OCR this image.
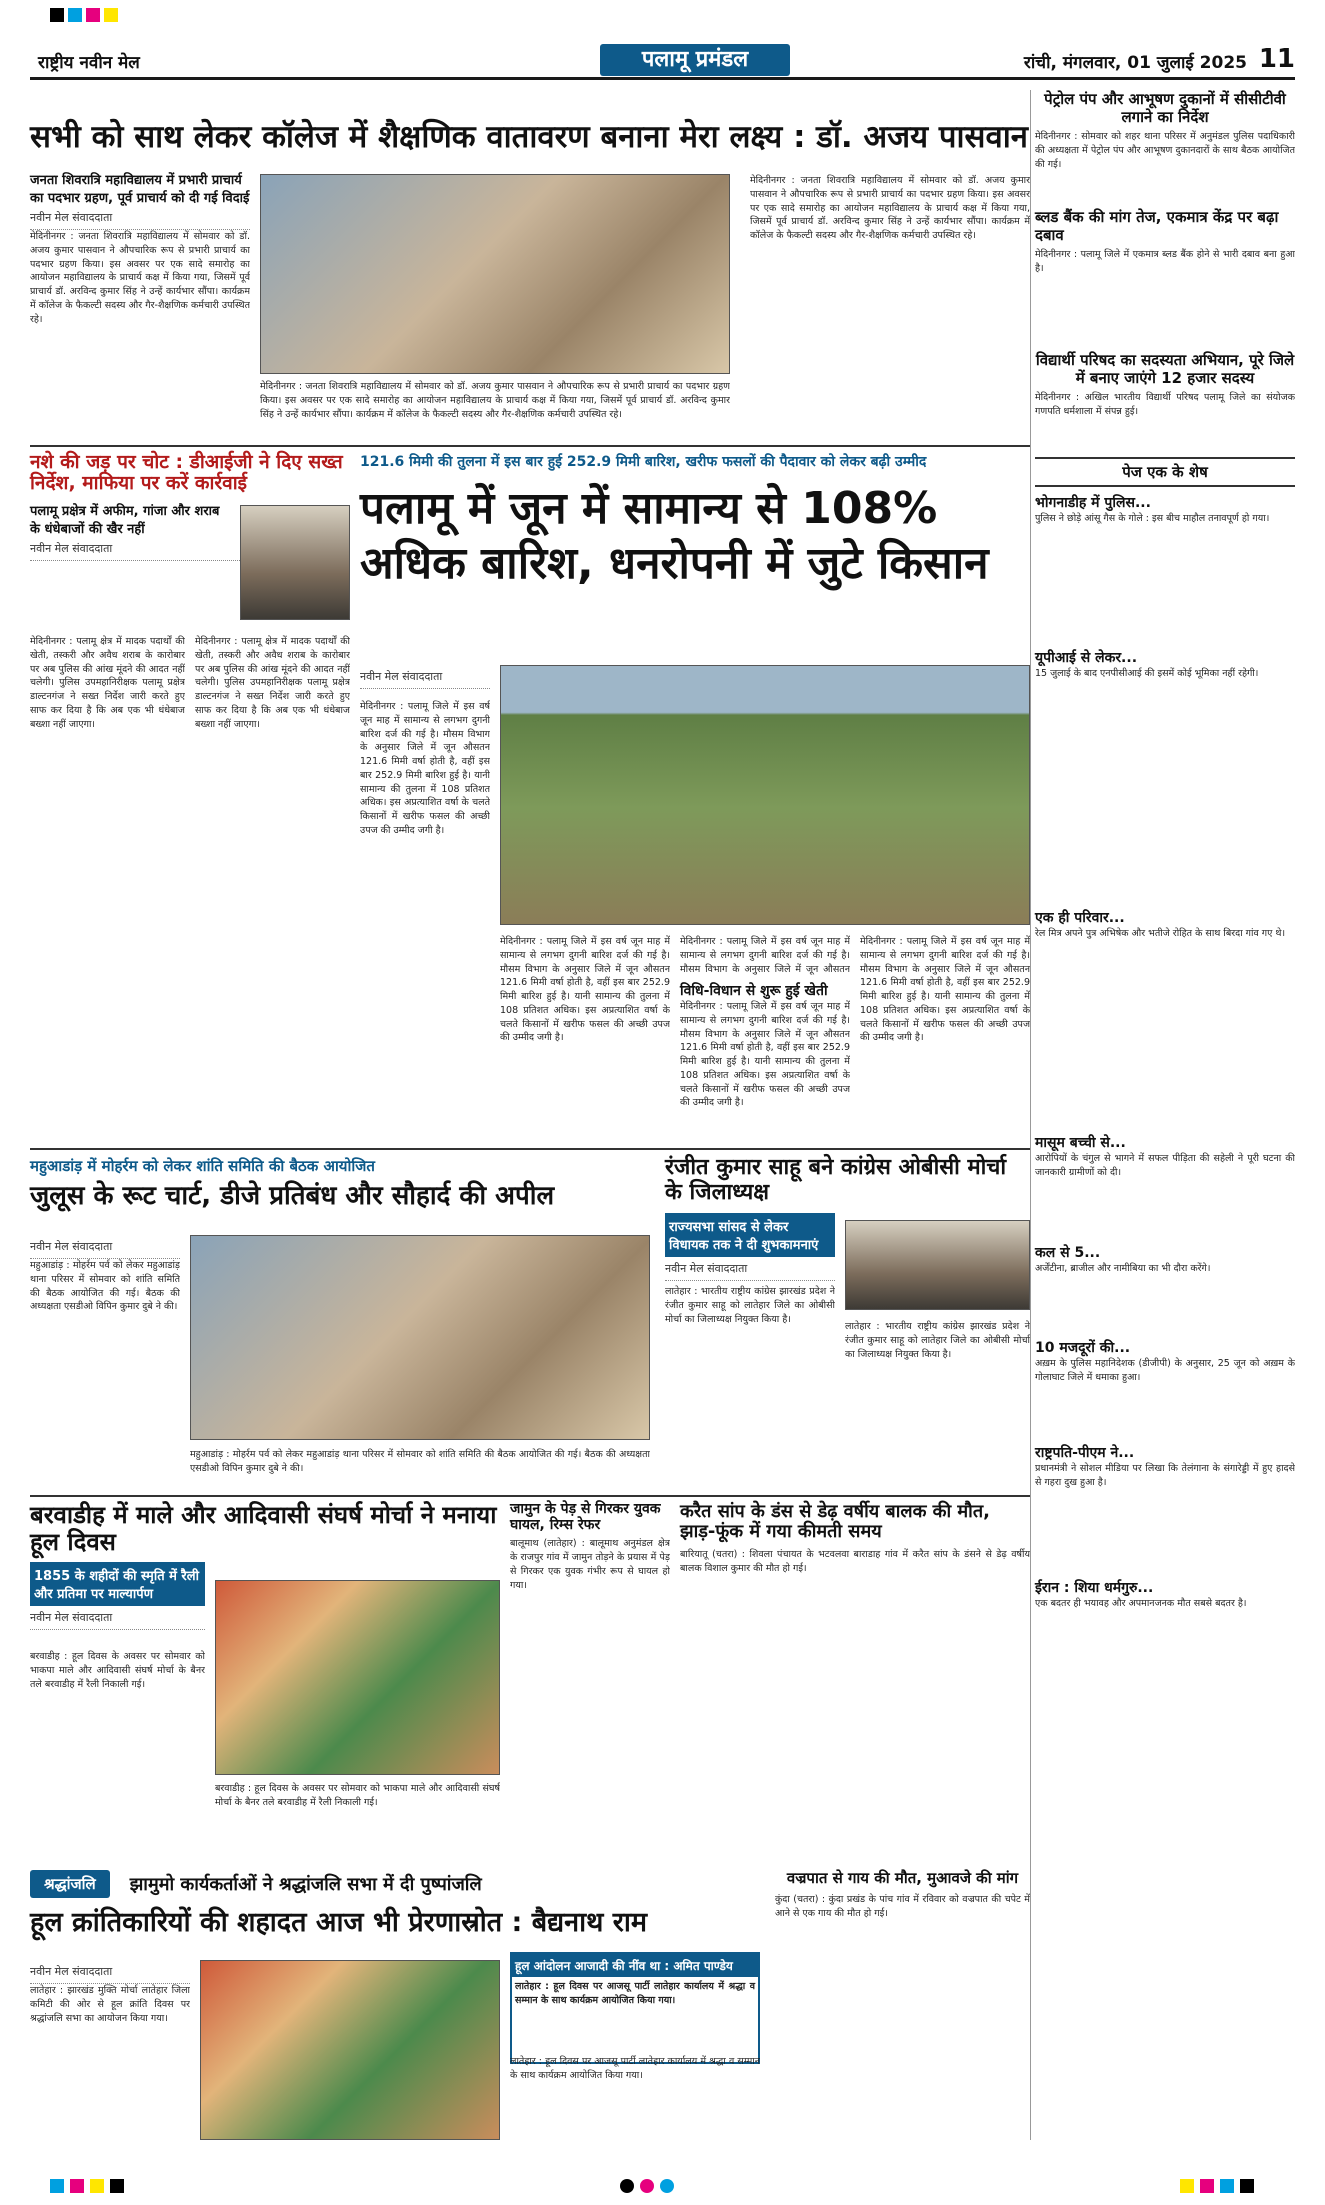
राष्ट्रीय नवीन मेल	पलामू प्रमंडल	रांची, मंगलवार, 01 जुलाई 2025 11
सभी को साथ लेकर कॉलेज में शैक्षणिक वातावरण बनाना मेरा लक्ष्य : डॉ. अजय पासवान
जनता शिवरात्रि महाविद्यालय में प्रभारी प्राचार्य का पदभार ग्रहण, पूर्व प्राचार्य को दी गई विदाई
नवीन मेल संवाददाता
मेदिनीनगर : जनता शिवरात्रि महाविद्यालय में सोमवार को डॉ. अजय कुमार पासवान ने औपचारिक रूप से प्रभारी प्राचार्य का पदभार ग्रहण किया। इस अवसर पर एक सादे समारोह का आयोजन महाविद्यालय के प्राचार्य कक्ष में किया गया, जिसमें पूर्व प्राचार्य डॉ. अरविन्द कुमार सिंह ने उन्हें कार्यभार सौंपा। कार्यक्रम में कॉलेज के फैकल्टी सदस्य और गैर-शैक्षणिक कर्मचारी उपस्थित रहे।
मेदिनीनगर : जनता शिवरात्रि महाविद्यालय में सोमवार को डॉ. अजय कुमार पासवान ने औपचारिक रूप से प्रभारी प्राचार्य का पदभार ग्रहण किया। इस अवसर पर एक सादे समारोह का आयोजन महाविद्यालय के प्राचार्य कक्ष में किया गया, जिसमें पूर्व प्राचार्य डॉ. अरविन्द कुमार सिंह ने उन्हें कार्यभार सौंपा। कार्यक्रम में कॉलेज के फैकल्टी सदस्य और गैर-शैक्षणिक कर्मचारी उपस्थित रहे।
मेदिनीनगर : जनता शिवरात्रि महाविद्यालय में सोमवार को डॉ. अजय कुमार पासवान ने औपचारिक रूप से प्रभारी प्राचार्य का पदभार ग्रहण किया। इस अवसर पर एक सादे समारोह का आयोजन महाविद्यालय के प्राचार्य कक्ष में किया गया, जिसमें पूर्व प्राचार्य डॉ. अरविन्द कुमार सिंह ने उन्हें कार्यभार सौंपा। कार्यक्रम में कॉलेज के फैकल्टी सदस्य और गैर-शैक्षणिक कर्मचारी उपस्थित रहे।
नशे की जड़ पर चोट : डीआईजी ने दिए सख्त निर्देश, माफिया पर करें कार्रवाई
पलामू प्रक्षेत्र में अफीम, गांजा और शराब के धंधेबाजों की खैर नहीं
नवीन मेल संवाददाता
मेदिनीनगर : पलामू क्षेत्र में मादक पदार्थों की खेती, तस्करी और अवैध शराब के कारोबार पर अब पुलिस की आंख मूंदने की आदत नहीं चलेगी। पुलिस उपमहानिरीक्षक पलामू प्रक्षेत्र डाल्टनगंज ने सख्त निर्देश जारी करते हुए साफ कर दिया है कि अब एक भी धंधेबाज बख्शा नहीं जाएगा।
मेदिनीनगर : पलामू क्षेत्र में मादक पदार्थों की खेती, तस्करी और अवैध शराब के कारोबार पर अब पुलिस की आंख मूंदने की आदत नहीं चलेगी। पुलिस उपमहानिरीक्षक पलामू प्रक्षेत्र डाल्टनगंज ने सख्त निर्देश जारी करते हुए साफ कर दिया है कि अब एक भी धंधेबाज बख्शा नहीं जाएगा।
121.6 मिमी की तुलना में इस बार हुई 252.9 मिमी बारिश, खरीफ फसलों की पैदावार को लेकर बढ़ी उम्मीद
पलामू में जून में सामान्य से 108% अधिक बारिश, धनरोपनी में जुटे किसान
नवीन मेल संवाददाता
मेदिनीनगर : पलामू जिले में इस वर्ष जून माह में सामान्य से लगभग दुगनी बारिश दर्ज की गई है। मौसम विभाग के अनुसार जिले में जून औसतन 121.6 मिमी वर्षा होती है, वहीं इस बार 252.9 मिमी बारिश हुई है। यानी सामान्य की तुलना में 108 प्रतिशत अधिक। इस अप्रत्याशित वर्षा के चलते किसानों में खरीफ फसल की अच्छी उपज की उम्मीद जगी है।
मेदिनीनगर : पलामू जिले में इस वर्ष जून माह में सामान्य से लगभग दुगनी बारिश दर्ज की गई है। मौसम विभाग के अनुसार जिले में जून औसतन 121.6 मिमी वर्षा होती है, वहीं इस बार 252.9 मिमी बारिश हुई है। यानी सामान्य की तुलना में 108 प्रतिशत अधिक। इस अप्रत्याशित वर्षा के चलते किसानों में खरीफ फसल की अच्छी उपज की उम्मीद जगी है।
मेदिनीनगर : पलामू जिले में इस वर्ष जून माह में सामान्य से लगभग दुगनी बारिश दर्ज की गई है। मौसम विभाग के अनुसार जिले में जून औसतन
विधि-विधान से शुरू हुई खेती
मेदिनीनगर : पलामू जिले में इस वर्ष जून माह में सामान्य से लगभग दुगनी बारिश दर्ज की गई है। मौसम विभाग के अनुसार जिले में जून औसतन 121.6 मिमी वर्षा होती है, वहीं इस बार 252.9 मिमी बारिश हुई है। यानी सामान्य की तुलना में 108 प्रतिशत अधिक। इस अप्रत्याशित वर्षा के चलते किसानों में खरीफ फसल की अच्छी उपज की उम्मीद जगी है।
मेदिनीनगर : पलामू जिले में इस वर्ष जून माह में सामान्य से लगभग दुगनी बारिश दर्ज की गई है। मौसम विभाग के अनुसार जिले में जून औसतन 121.6 मिमी वर्षा होती है, वहीं इस बार 252.9 मिमी बारिश हुई है। यानी सामान्य की तुलना में 108 प्रतिशत अधिक। इस अप्रत्याशित वर्षा के चलते किसानों में खरीफ फसल की अच्छी उपज की उम्मीद जगी है।
महुआडांड़ में मोहर्रम को लेकर शांति समिति की बैठक आयोजित
जुलूस के रूट चार्ट, डीजे प्रतिबंध और सौहार्द की अपील
नवीन मेल संवाददाता
महुआडांड़ : मोहर्रम पर्व को लेकर महुआडांड़ थाना परिसर में सोमवार को शांति समिति की बैठक आयोजित की गई। बैठक की अध्यक्षता एसडीओ विपिन कुमार दुबे ने की।
महुआडांड़ : मोहर्रम पर्व को लेकर महुआडांड़ थाना परिसर में सोमवार को शांति समिति की बैठक आयोजित की गई। बैठक की अध्यक्षता एसडीओ विपिन कुमार दुबे ने की।
रंजीत कुमार साहू बने कांग्रेस ओबीसी मोर्चा के जिलाध्यक्ष
राज्यसभा सांसद से लेकर विधायक तक ने दी शुभकामनाएं
नवीन मेल संवाददाता
लातेहार : भारतीय राष्ट्रीय कांग्रेस झारखंड प्रदेश ने रंजीत कुमार साहू को लातेहार जिले का ओबीसी मोर्चा का जिलाध्यक्ष नियुक्त किया है।
लातेहार : भारतीय राष्ट्रीय कांग्रेस झारखंड प्रदेश ने रंजीत कुमार साहू को लातेहार जिले का ओबीसी मोर्चा का जिलाध्यक्ष नियुक्त किया है।
बरवाडीह में माले और आदिवासी संघर्ष मोर्चा ने मनाया हूल दिवस
1855 के शहीदों की स्मृति में रैली और प्रतिमा पर माल्यार्पण
नवीन मेल संवाददाता
बरवाडीह : हूल दिवस के अवसर पर सोमवार को भाकपा माले और आदिवासी संघर्ष मोर्चा के बैनर तले बरवाडीह में रैली निकाली गई।
बरवाडीह : हूल दिवस के अवसर पर सोमवार को भाकपा माले और आदिवासी संघर्ष मोर्चा के बैनर तले बरवाडीह में रैली निकाली गई।
जामुन के पेड़ से गिरकर युवक घायल, रिम्स रेफर
बालूमाथ (लातेहार) : बालूमाथ अनुमंडल क्षेत्र के राजपुर गांव में जामुन तोड़ने के प्रयास में पेड़ से गिरकर एक युवक गंभीर रूप से घायल हो गया।
करैत सांप के डंस से डेढ़ वर्षीय बालक की मौत, झाड़-फूंक में गया कीमती समय
बारियातू (चतरा) : शिवला पंचायत के भटवलवा बाराडाह गांव में करैत सांप के डंसने से डेढ़ वर्षीय बालक विशाल कुमार की मौत हो गई।
श्रद्धांजलि	झामुमो कार्यकर्ताओं ने श्रद्धांजलि सभा में दी पुष्पांजलि
हूल क्रांतिकारियों की शहादत आज भी प्रेरणास्रोत : बैद्यनाथ राम
नवीन मेल संवाददाता
लातेहार : झारखंड मुक्ति मोर्चा लातेहार जिला कमिटी की ओर से हूल क्रांति दिवस पर श्रद्धांजलि सभा का आयोजन किया गया।
हूल आंदोलन आजादी की नींव था : अमित पाण्डेय
लातेहार : हूल दिवस पर आजसू पार्टी लातेहार कार्यालय में श्रद्धा व सम्मान के साथ कार्यक्रम आयोजित किया गया।
लातेहार : हूल दिवस पर आजसू पार्टी लातेहार कार्यालय में श्रद्धा व सम्मान के साथ कार्यक्रम आयोजित किया गया।
वज्रपात से गाय की मौत, मुआवजे की मांग
कुंदा (चतरा) : कुंदा प्रखंड के पांच गांव में रविवार को वज्रपात की चपेट में आने से एक गाय की मौत हो गई।
पेट्रोल पंप और आभूषण दुकानों में सीसीटीवी लगाने का निर्देश
मेदिनीनगर : सोमवार को शहर थाना परिसर में अनुमंडल पुलिस पदाधिकारी की अध्यक्षता में पेट्रोल पंप और आभूषण दुकानदारों के साथ बैठक आयोजित की गई।
ब्लड बैंक की मांग तेज, एकमात्र केंद्र पर बढ़ा दबाव
मेदिनीनगर : पलामू जिले में एकमात्र ब्लड बैंक होने से भारी दबाव बना हुआ है।
विद्यार्थी परिषद का सदस्यता अभियान, पूरे जिले में बनाए जाएंगे 12 हजार सदस्य
मेदिनीनगर : अखिल भारतीय विद्यार्थी परिषद पलामू जिले का संयोजक गणपति धर्मशाला में संपन्न हुई।
पेज एक के शेष
भोगनाडीह में पुलिस...
पुलिस ने छोड़े आंसू गैस के गोले : इस बीच माहौल तनावपूर्ण हो गया।
यूपीआई से लेकर...
15 जुलाई के बाद एनपीसीआई की इसमें कोई भूमिका नहीं रहेगी।
एक ही परिवार...
रेल मित्र अपने पुत्र अभिषेक और भतीजे रोहित के साथ बिरदा गांव गए थे।
मासूम बच्ची से...
आरोपियों के चंगुल से भागने में सफल पीड़िता की सहेली ने पूरी घटना की जानकारी ग्रामीणों को दी।
कल से 5...
अर्जेंटीना, ब्राजील और नामीबिया का भी दौरा करेंगे।
10 मजदूरों की...
अख़म के पुलिस महानिदेशक (डीजीपी) के अनुसार, 25 जून को अख़म के गोलाघाट जिले में धमाका हुआ।
राष्ट्रपति-पीएम ने...
प्रधानमंत्री ने सोशल मीडिया पर लिखा कि तेलंगाना के संगारेड्डी में हुए हादसे से गहरा दुख हुआ है।
ईरान : शिया धर्मगुरु...
एक बदतर ही भयावह और अपमानजनक मौत सबसे बदतर है।
